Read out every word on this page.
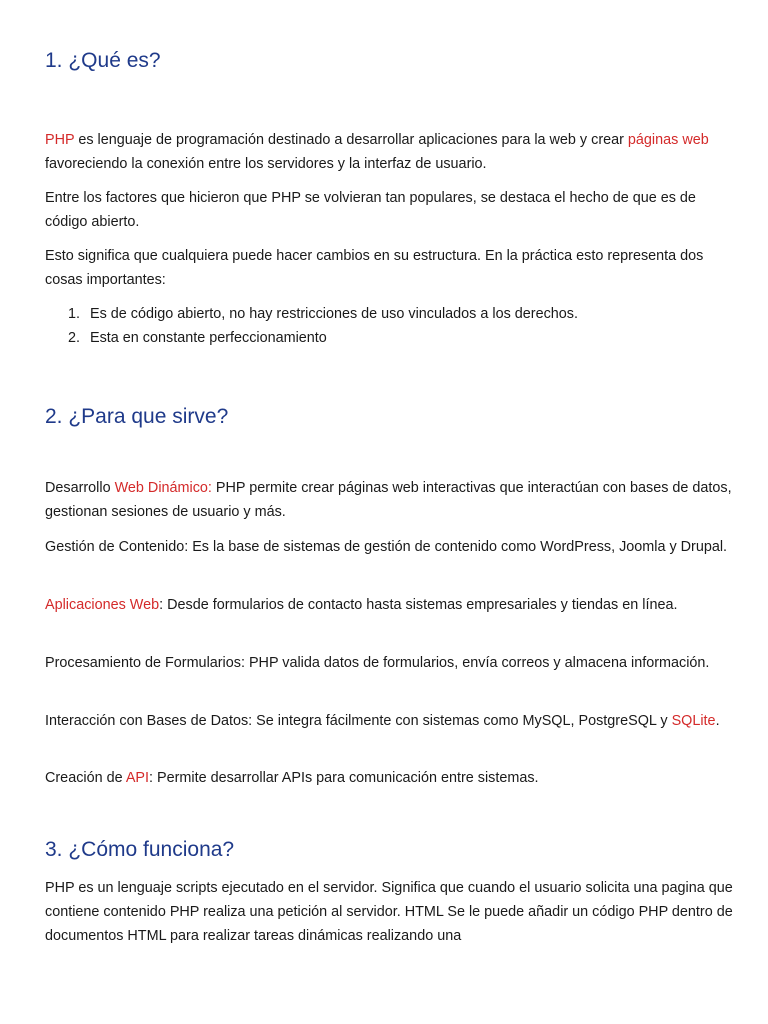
1. ¿Qué es?

PHP es lenguaje de programación destinado a desarrollar aplicaciones para la web y crear páginas web favoreciendo la conexión entre los servidores y la interfaz de usuario.

Entre los factores que hicieron que PHP se volvieran tan populares, se destaca el hecho de que es de código abierto.

Esto significa que cualquiera puede hacer cambios en su estructura. En la práctica esto representa dos cosas importantes:

1. Es de código abierto, no hay restricciones de uso vinculados a los derechos.
2. Esta en constante perfeccionamiento
2. ¿Para que sirve?

Desarrollo Web Dinámico: PHP permite crear páginas web interactivas que interactúan con bases de datos, gestionan sesiones de usuario y más.

Gestión de Contenido: Es la base de sistemas de gestión de contenido como WordPress, Joomla y Drupal.

Aplicaciones Web: Desde formularios de contacto hasta sistemas empresariales y tiendas en línea.

Procesamiento de Formularios: PHP valida datos de formularios, envía correos y almacena información.

Interacción con Bases de Datos: Se integra fácilmente con sistemas como MySQL, PostgreSQL y SQLite.

Creación de API: Permite desarrollar APIs para comunicación entre sistemas.

3. ¿Cómo funciona?

PHP es un lenguaje scripts ejecutado en el servidor. Significa que cuando el usuario solicita una pagina que contiene contenido PHP realiza una petición al servidor. HTML Se le puede añadir un código PHP dentro de documentos HTML para realizar tareas dinámicas realizando una
